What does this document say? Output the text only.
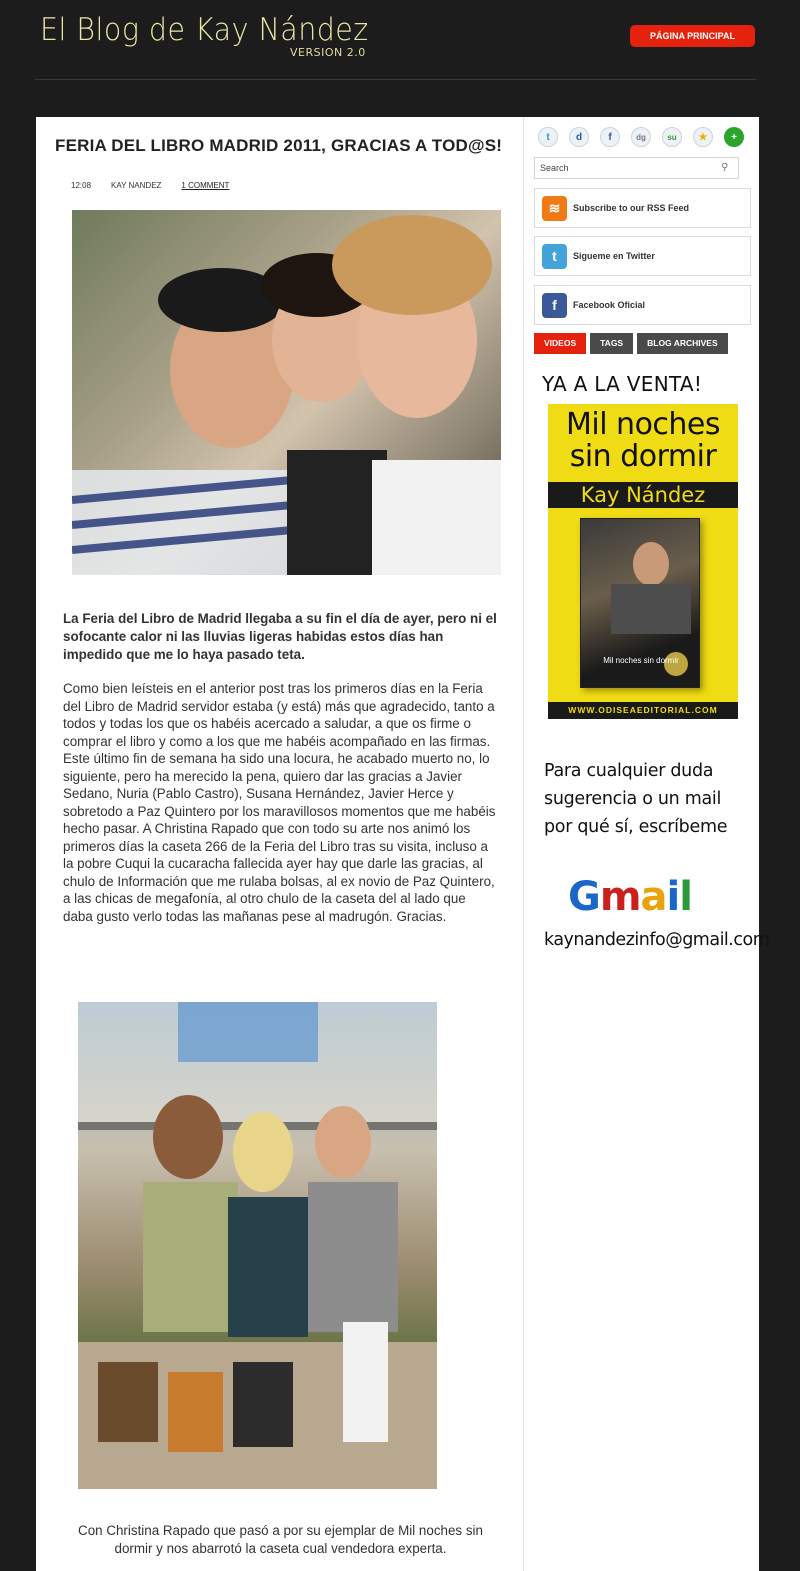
El Blog de Kay Nández
VERSION 2.0
PÁGINA PRINCIPAL
FERIA DEL LIBRO MADRID 2011, GRACIAS A TOD@S!
12:08	KAY NANDEZ	1 COMMENT
La Feria del Libro de Madrid llegaba a su fin el día de ayer, pero ni el sofocante calor ni las lluvias ligeras habidas estos días han impedido que me lo haya pasado teta.
Como bien leísteis en el anterior post tras los primeros días en la Feria del Libro de Madrid servidor estaba (y está) más que agradecido, tanto a todos y todas los que os habéis acercado a saludar, a que os firme o comprar el libro y como a los que me habéis acompañado en las firmas. Este último fin de semana ha sido una locura, he acabado muerto no, lo siguiente, pero ha merecido la pena, quiero dar las gracias a Javier Sedano, Nuria (Pablo Castro), Susana Hernández, Javier Herce y sobretodo a Paz Quintero por los maravillosos momentos que me habéis hecho pasar. A Christina Rapado que con todo su arte nos animó los primeros días la caseta 266 de la Feria del Libro tras su visita, incluso a la pobre Cuqui la cucaracha fallecida ayer hay que darle las gracias, al chulo de Información que me rulaba bolsas, al ex novio de Paz Quintero, a las chicas de megafonía, al otro chulo de la caseta del al lado que daba gusto verlo todas las mañanas pese al madrugón. Gracias.
Con Christina Rapado que pasó a por su ejemplar de Mil noches sin dormir y nos abarrotó la caseta cual vendedora experta.
t	d	f	dg	su	★	+
Search
⚲
≋	Subscribe to our RSS Feed
t	Sigueme en Twitter
f	Facebook Oficial
VIDEOS	TAGS	BLOG ARCHIVES
YA A LA VENTA!
Mil noches sin dormir
Kay Nández
Mil noches sin dormir
WWW.ODISEAEDITORIAL.COM
Para cualquier duda sugerencia o un mail por qué sí, escríbeme
Gmail
kaynandezinfo@gmail.com
